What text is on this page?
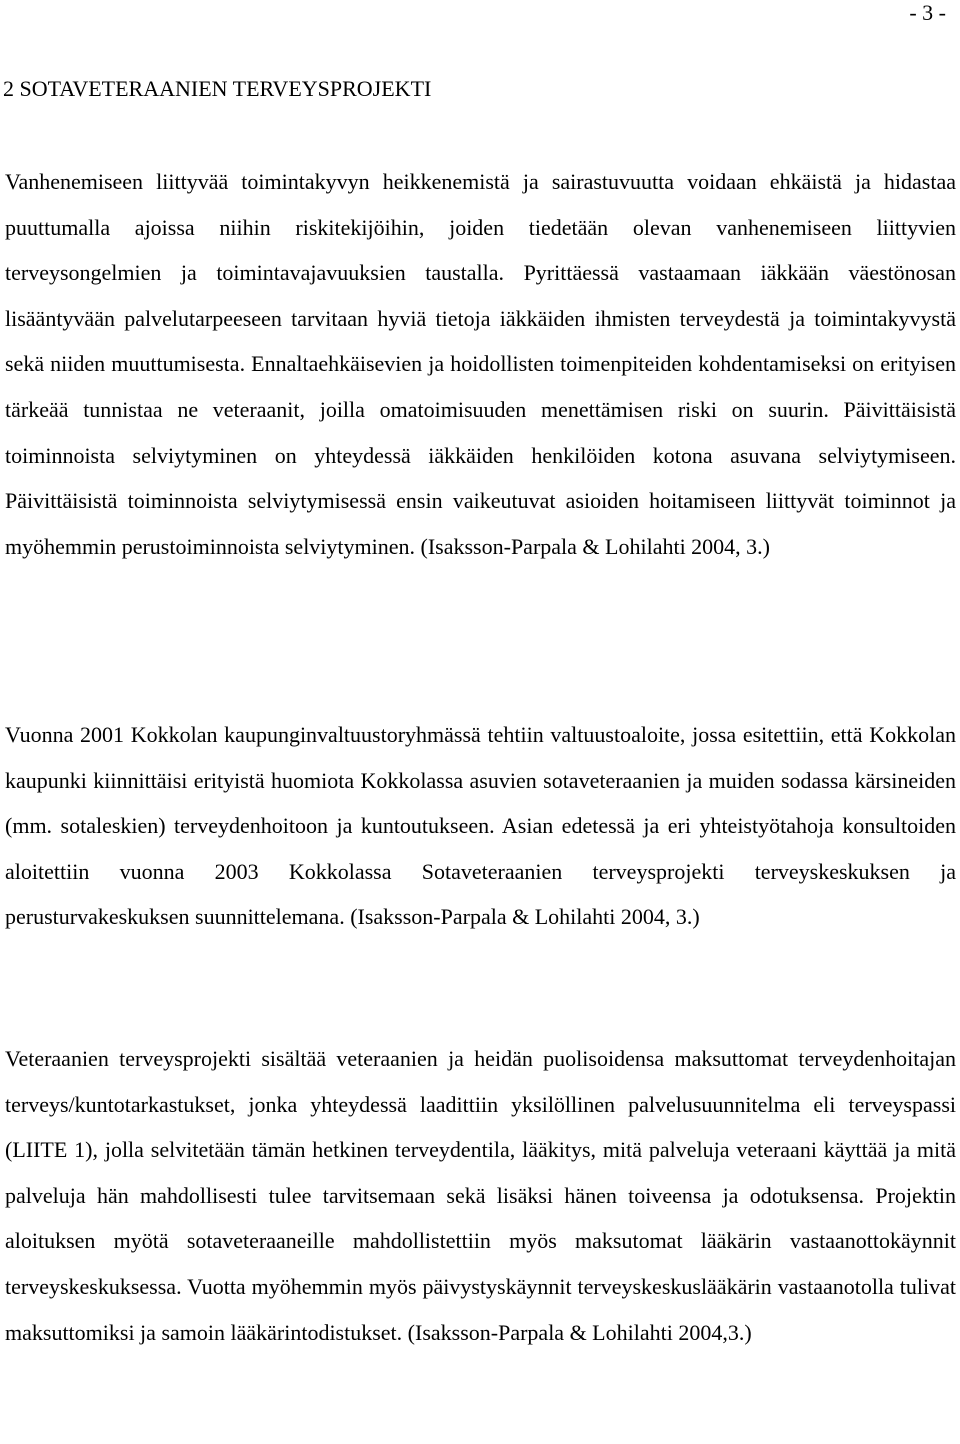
- 3 -
2 SOTAVETERAANIEN TERVEYSPROJEKTI

Vanhenemiseen liittyvää toimintakyvyn heikkenemistä ja sairastuvuutta voidaan ehkäistä ja hidastaa puuttumalla ajoissa niihin riskitekijöihin, joiden tiedetään olevan vanhenemiseen liittyvien terveysongelmien ja toimintavajavuuksien taustalla. Pyrittäessä vastaamaan iäkkään väestönosan lisääntyvään palvelutarpeeseen tarvitaan hyviä tietoja iäkkäiden ihmisten terveydestä ja toimintakyvystä sekä niiden muuttumisesta. Ennaltaehkäisevien ja hoidollisten toimenpiteiden kohdentamiseksi on erityisen tärkeää tunnistaa ne veteraanit, joilla omatoimisuuden menettämisen riski on suurin. Päivittäisistä toiminnoista selviytyminen on yhteydessä iäkkäiden henkilöiden kotona asuvana selviytymiseen. Päivittäisistä toiminnoista selviytymisessä ensin vaikeutuvat asioiden hoitamiseen liittyvät toiminnot ja myöhemmin perustoiminnoista selviytyminen. (Isaksson-Parpala & Lohilahti 2004, 3.)

Vuonna 2001 Kokkolan kaupunginvaltuustoryhmässä tehtiin valtuustoaloite, jossa esitettiin, että Kokkolan kaupunki kiinnittäisi erityistä huomiota Kokkolassa asuvien sotaveteraanien ja muiden sodassa kärsineiden (mm. sotaleskien) terveydenhoitoon ja kuntoutukseen. Asian edetessä ja eri yhteistyötahoja konsultoiden aloitettiin vuonna 2003 Kokkolassa Sotaveteraanien terveysprojekti terveyskeskuksen ja perusturvakeskuksen suunnittelemana. (Isaksson-Parpala & Lohilahti 2004, 3.)

Veteraanien terveysprojekti sisältää veteraanien ja heidän puolisoidensa maksuttomat terveydenhoitajan terveys/kuntotarkastukset, jonka yhteydessä laadittiin yksilöllinen palvelusuunnitelma eli terveyspassi (LIITE 1), jolla selvitetään tämän hetkinen terveydentila, lääkitys, mitä palveluja veteraani käyttää ja mitä palveluja hän mahdollisesti tulee tarvitsemaan sekä lisäksi hänen toiveensa ja odotuksensa. Projektin aloituksen myötä sotaveteraaneille mahdollistettiin myös maksutomat lääkärin vastaanottokäynnit terveyskeskuksessa. Vuotta myöhemmin myös päivystyskäynnit terveyskeskuslääkärin vastaanotolla tulivat maksuttomiksi ja samoin lääkärintodistukset. (Isaksson-Parpala & Lohilahti 2004,3.)
